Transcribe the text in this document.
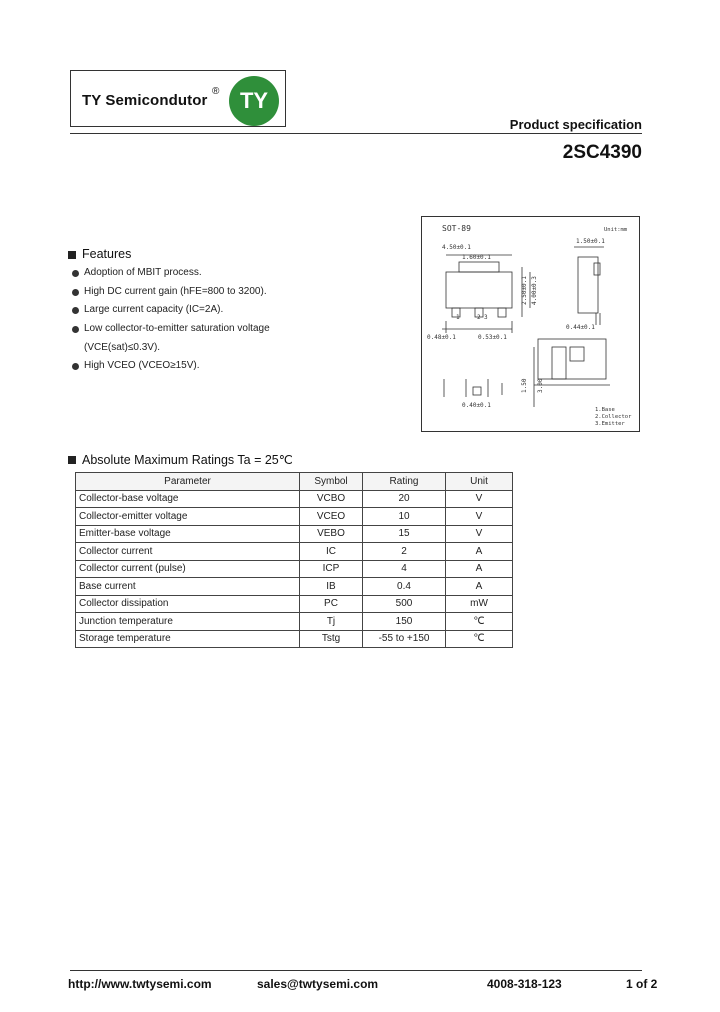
TY Semicondutor
® TY
Product specification
2SC4390
SOT-89	Unit:mm
4.50±0.1
1.60±0.1
0.48±0.1	0.53±0.1
2 3
1
2.50±0.1 4.00±0.3
1.50±0.1
0.44±0.1
1.50 3.00
0.40±0.1
1.Base
2.Collector
3.Emitter
Features
Adoption of MBIT process.
High DC current gain (hFE=800 to 3200).
Large current capacity (IC=2A).
Low collector-to-emitter saturation voltage
(VCE(sat)≤0.3V).
High VCEO (VCEO≥15V).
Absolute Maximum Ratings Ta = 25℃
Parameter	Symbol	Rating	Unit
Collector-base voltage	VCBO	20	V
Collector-emitter voltage	VCEO	10	V
Emitter-base voltage	VEBO	15	V
Collector current	IC	2	A
Collector current (pulse)	ICP	4	A
Base current	IB	0.4	A
Collector dissipation	PC	500	mW
Junction temperature	Tj	150	℃
Storage temperature	Tstg	-55 to +150	℃
http://www.twtysemi.com	sales@twtysemi.com	4008-318-123	1 of 2
